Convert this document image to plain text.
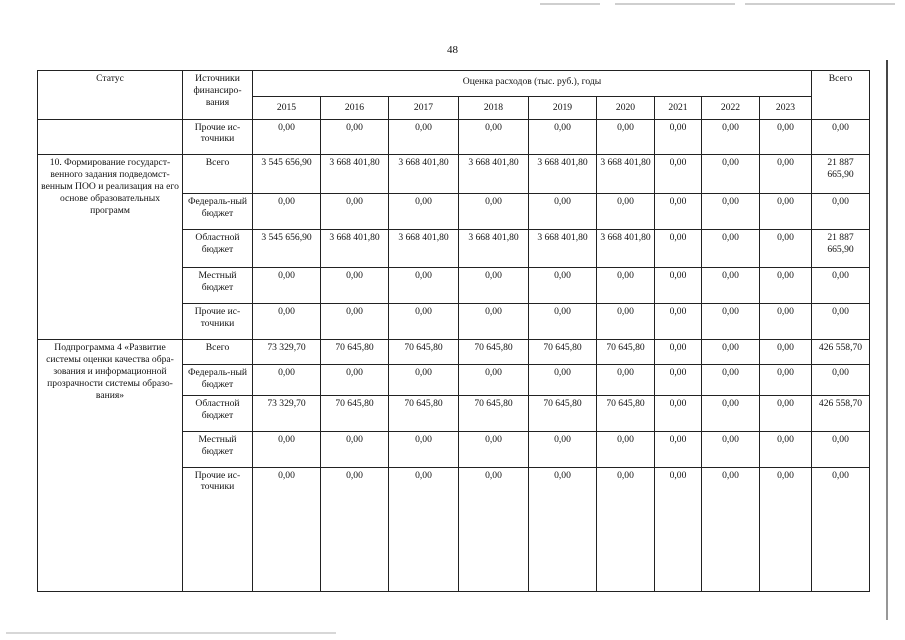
48
Статус	Источники финансиро-вания	Оценка расходов (тыс. руб.), годы									Всего
		2015	2016	2017	2018	2019	2020	2021	2022	2023	
	Прочие ис-точники	0,00	0,00	0,00	0,00	0,00	0,00	0,00	0,00	0,00	0,00
10. Формирование государст-венного задания подведомст-венным ПОО и реализация на его основе образовательных программ	Всего	3 545 656,90	3 668 401,80	3 668 401,80	3 668 401,80	3 668 401,80	3 668 401,80	0,00	0,00	0,00	21 887 665,90
	Федераль-ный бюджет	0,00	0,00	0,00	0,00	0,00	0,00	0,00	0,00	0,00	0,00
	Областной бюджет	3 545 656,90	3 668 401,80	3 668 401,80	3 668 401,80	3 668 401,80	3 668 401,80	0,00	0,00	0,00	21 887 665,90
	Местный бюджет	0,00	0,00	0,00	0,00	0,00	0,00	0,00	0,00	0,00	0,00
	Прочие ис-точники	0,00	0,00	0,00	0,00	0,00	0,00	0,00	0,00	0,00	0,00
Подпрограмма 4 «Развитие системы оценки качества обра-зования и информационной прозрачности системы образо-вания»	Всего	73 329,70	70 645,80	70 645,80	70 645,80	70 645,80	70 645,80	0,00	0,00	0,00	426 558,70
	Федераль-ный бюджет	0,00	0,00	0,00	0,00	0,00	0,00	0,00	0,00	0,00	0,00
	Областной бюджет	73 329,70	70 645,80	70 645,80	70 645,80	70 645,80	70 645,80	0,00	0,00	0,00	426 558,70
	Местный бюджет	0,00	0,00	0,00	0,00	0,00	0,00	0,00	0,00	0,00	0,00
	Прочие ис-точники	0,00	0,00	0,00	0,00	0,00	0,00	0,00	0,00	0,00	0,00
